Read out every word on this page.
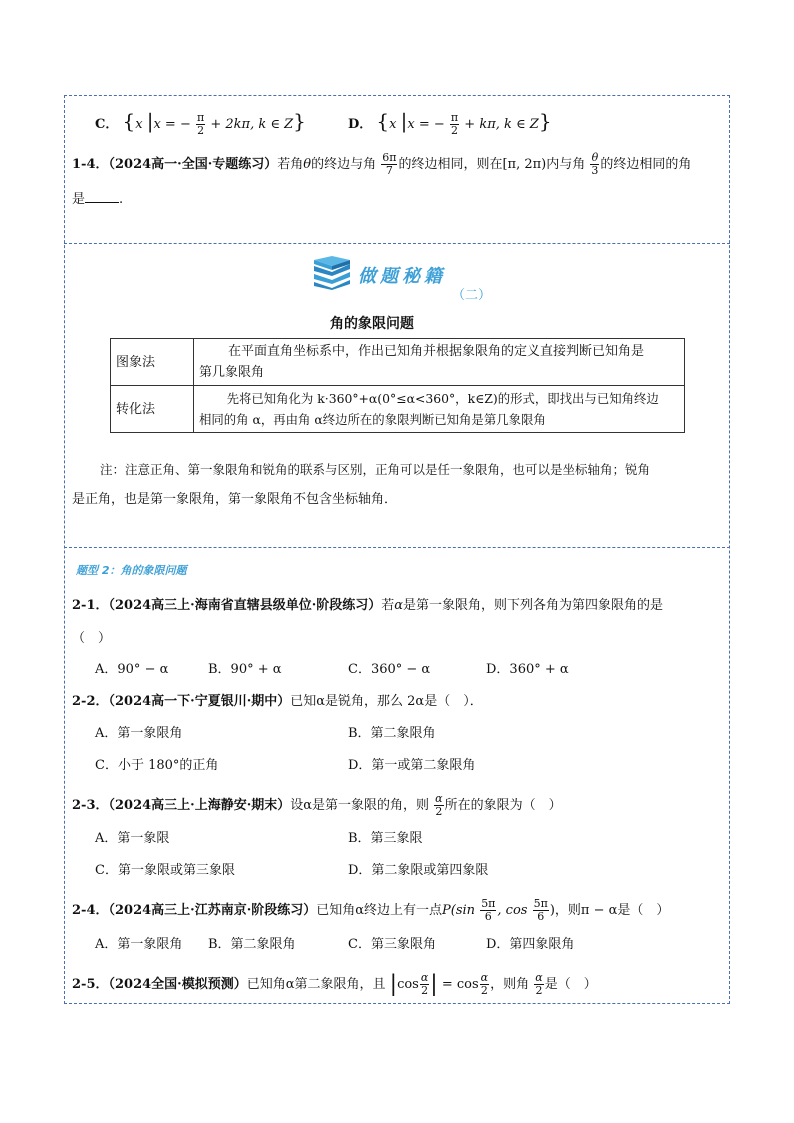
C． {x |x = − $\frac{\pi}{2} + 2k\pi$, k ∈ Z}	D． {x |x = − $\frac{\pi}{2} + k\pi$, k ∈ Z}
1-4．（2024高一·全国·专题练习）若角θ的终边与角 $\frac{6\pi}{7}$ 的终边相同，则在[π, 2π)内与角 $\frac{\theta}{3}$ 的终边相同的角
是	.
做题秘籍
（二）
角的象限问题
图象法	在平面直角坐标系中，作出已知角并根据象限角的定义直接判断已知角是
第几象限角
转化法	先将已知角化为 k·360°+α(0°≤α<360°，k∈Z)的形式，即找出与已知角终边
相同的角 α，再由角 α终边所在的象限判断已知角是第几象限角
注：注意正角、第一象限角和锐角的联系与区别，正角可以是任一象限角，也可以是坐标轴角；锐角
是正角，也是第一象限角，第一象限角不包含坐标轴角．
题型 2：角的象限问题
2-1．（2024高三上·海南省直辖县级单位·阶段练习）若α是第一象限角，则下列各角为第四象限角的是
（　）
A．90° − α	B．90° + α	C．360° − α	D．360° + α
2-2．（2024高一下·宁夏银川·期中）已知α是锐角，那么 2α是（　）．
A．第一象限角	B．第二象限角
C．小于 180°的正角	D．第一或第二象限角
2-3．（2024高三上·上海静安·期末）设α是第一象限的角，则 $\frac{\alpha}{2}$ 所在的象限为（　）
A．第一象限	B．第三象限
C．第一象限或第三象限	D．第二象限或第四象限
2-4．（2024高三上·江苏南京·阶段练习）已知角α终边上有一点$P(\sin \frac{5\pi}{6}$ , $\cos \frac{5\pi}{6}$ )，则π − α是（　）
A．第一象限角 B．第二象限角	C．第三象限角	D．第四象限角
2-5．（2024全国·模拟预测）已知角α第二象限角，且 $|\cos \frac{\alpha}{2}$ | = $\cos \frac{\alpha}{2}$ ，则角 $\frac{\alpha}{2}$ 是（　）
